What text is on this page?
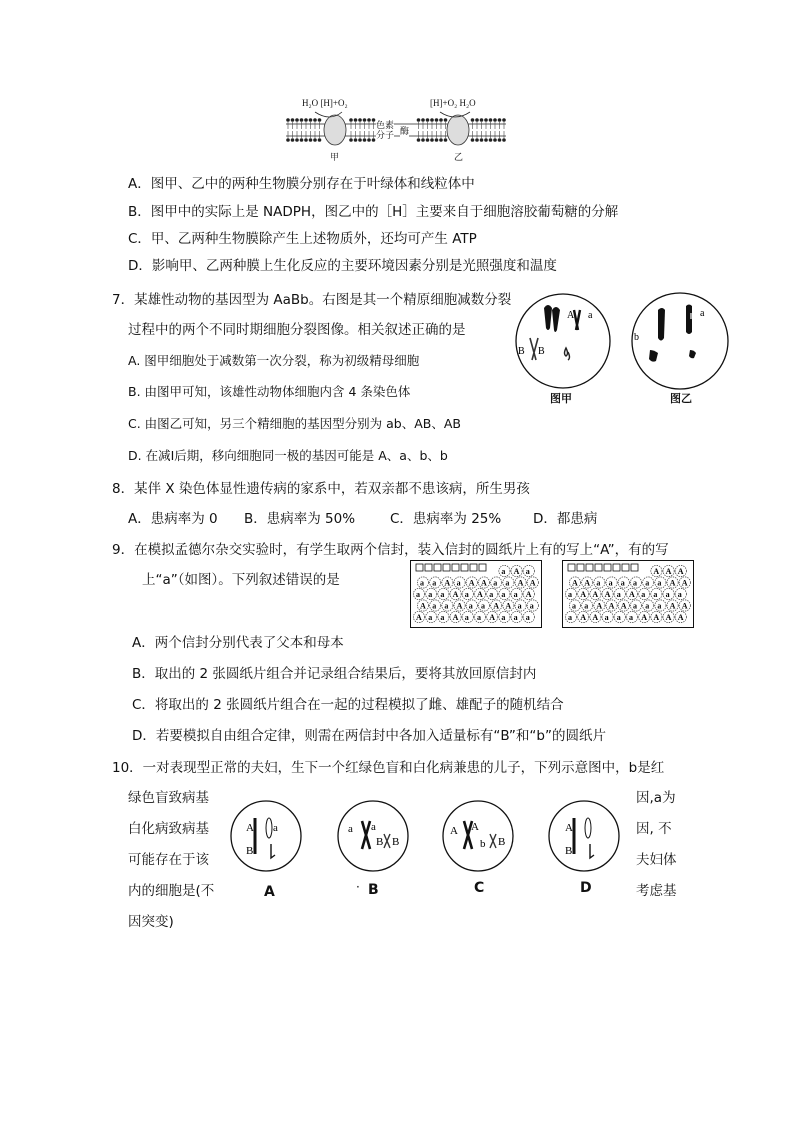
H₂O [H]+O₂	[H]+O₂ H₂O
色素
分子 酶
甲	乙
A．图甲、乙中的两种生物膜分别存在于叶绿体和线粒体中
B．图甲中的实际上是 NADPH，图乙中的［H］主要来自于细胞溶胶葡萄糖的分解
C．甲、乙两种生物膜除产生上述物质外，还均可产生 ATP
D．影响甲、乙两种膜上生化反应的主要环境因素分别是光照强度和温度
7．某雄性动物的基因型为 AaBb。右图是其一个精原细胞减数分裂
过程中的两个不同时期细胞分裂图像。相关叙述正确的是
A. 图甲细胞处于减数第一次分裂，称为初级精母细胞
B. 由图甲可知，该雄性动物体细胞内含 4 条染色体
C. 由图乙可知，另三个精细胞的基因型分别为 ab、AB、AB
D. 在减Ⅰ后期，移向细胞同一极的基因可能是 A、a、b、b
A a
B B
a
b
图甲	图乙
8．某伴 X 染色体显性遗传病的家系中，若双亲都不患该病，所生男孩
A．患病率为 0 B．患病率为 50%	C．患病率为 25% D．都患病
9．在模拟孟德尔杂交实验时，有学生取两个信封，装入信封的圆纸片上有的写上“A”，有的写
上“a”（如图）。下列叙述错误的是
a A a
a a A a A A a a A A
a a a A a A a a a A
A a a A a a A A a a
A a a A a a A a a a
A A A
A A a a a a a a A A
a A A A a A a a a a
a a A A A a a a A A
a A A a a a A A A A
A．两个信封分别代表了父本和母本
B．取出的 2 张圆纸片组合并记录组合结果后，要将其放回原信封内
C．将取出的 2 张圆纸片组合在一起的过程模拟了雌、雄配子的随机结合
D．若要模拟自由组合定律，则需在两信封中各加入适量标有“B”和“b”的圆纸片
10．一对表现型正常的夫妇，生下一个红绿色盲和白化病兼患的儿子，下列示意图中，b是红
绿色盲致病基
白化病致病基
可能存在于该
内的细胞是(不
因突变)
因,a为
因, 不
夫妇体
考虑基
A a
B
a a
B B
A A
b B
A
B
A	· B	C	D
